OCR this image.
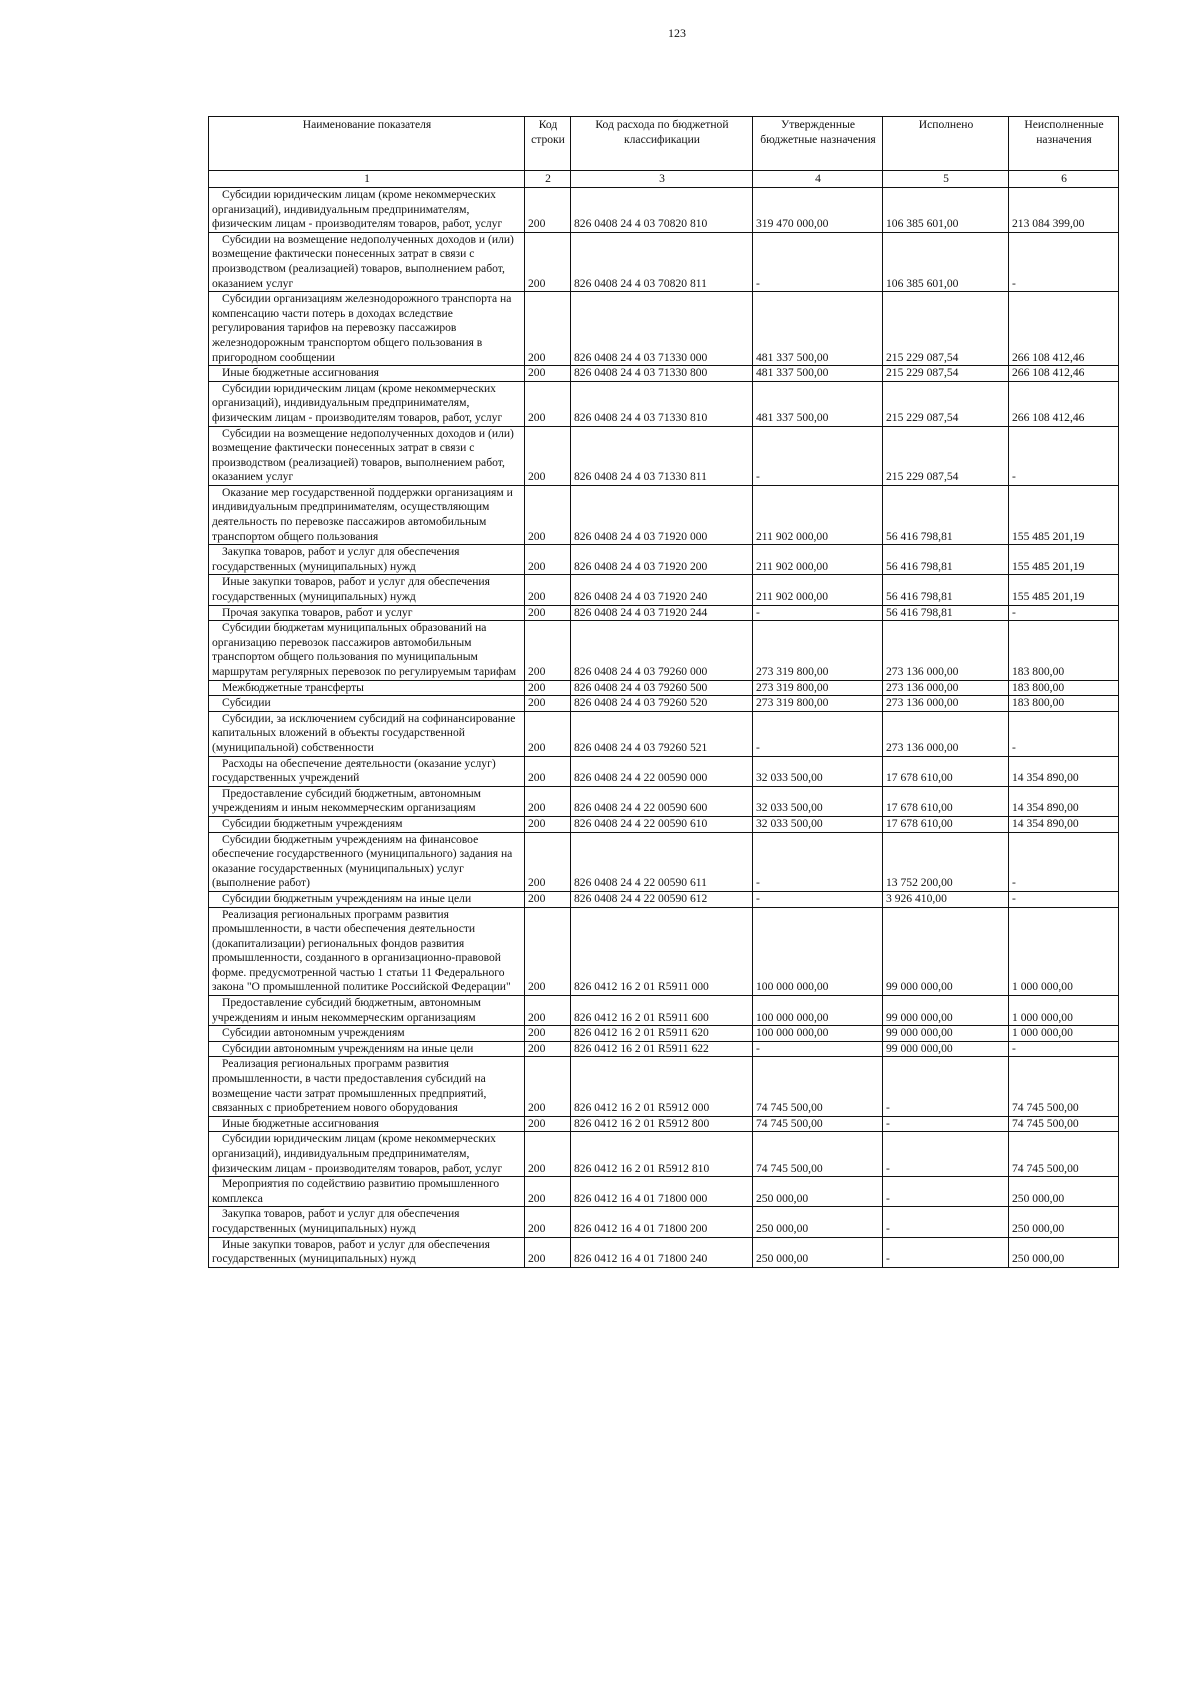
123
Наименование показателя	Код строки	Код расхода по бюджетной классификации	Утвержденные бюджетные назначения	Исполнено	Неисполненные назначения
1	2	3	4	5	6
Субсидии юридическим лицам (кроме некоммерческих организаций), индивидуальным предпринимателям, физическим лицам - производителям товаров, работ, услуг	200	826 0408 24 4 03 70820 810	319 470 000,00	106 385 601,00	213 084 399,00
Субсидии на возмещение недополученных доходов и (или) возмещение фактически понесенных затрат в связи с производством (реализацией) товаров, выполнением работ, оказанием услуг	200	826 0408 24 4 03 70820 811	-	106 385 601,00	-
Субсидии организациям железнодорожного транспорта на компенсацию части потерь в доходах вследствие регулирования тарифов на перевозку пассажиров железнодорожным транспортом общего пользования в пригородном сообщении	200	826 0408 24 4 03 71330 000	481 337 500,00	215 229 087,54	266 108 412,46
Иные бюджетные ассигнования	200	826 0408 24 4 03 71330 800	481 337 500,00	215 229 087,54	266 108 412,46
Субсидии юридическим лицам (кроме некоммерческих организаций), индивидуальным предпринимателям, физическим лицам - производителям товаров, работ, услуг	200	826 0408 24 4 03 71330 810	481 337 500,00	215 229 087,54	266 108 412,46
Субсидии на возмещение недополученных доходов и (или) возмещение фактически понесенных затрат в связи с производством (реализацией) товаров, выполнением работ, оказанием услуг	200	826 0408 24 4 03 71330 811	-	215 229 087,54	-
Оказание мер государственной поддержки организациям и индивидуальным предпринимателям, осуществляющим деятельность по перевозке пассажиров автомобильным транспортом общего пользования	200	826 0408 24 4 03 71920 000	211 902 000,00	56 416 798,81	155 485 201,19
Закупка товаров, работ и услуг для обеспечения государственных (муниципальных) нужд	200	826 0408 24 4 03 71920 200	211 902 000,00	56 416 798,81	155 485 201,19
Иные закупки товаров, работ и услуг для обеспечения государственных (муниципальных) нужд	200	826 0408 24 4 03 71920 240	211 902 000,00	56 416 798,81	155 485 201,19
Прочая закупка товаров, работ и услуг	200	826 0408 24 4 03 71920 244	-	56 416 798,81	-
Субсидии бюджетам муниципальных образований на организацию перевозок пассажиров автомобильным транспортом общего пользования по муниципальным маршрутам регулярных перевозок по регулируемым тарифам	200	826 0408 24 4 03 79260 000	273 319 800,00	273 136 000,00	183 800,00
Межбюджетные трансферты	200	826 0408 24 4 03 79260 500	273 319 800,00	273 136 000,00	183 800,00
Субсидии	200	826 0408 24 4 03 79260 520	273 319 800,00	273 136 000,00	183 800,00
Субсидии, за исключением субсидий на софинансирование капитальных вложений в объекты государственной (муниципальной) собственности	200	826 0408 24 4 03 79260 521	-	273 136 000,00	-
Расходы на обеспечение деятельности (оказание услуг) государственных учреждений	200	826 0408 24 4 22 00590 000	32 033 500,00	17 678 610,00	14 354 890,00
Предоставление субсидий бюджетным, автономным учреждениям и иным некоммерческим организациям	200	826 0408 24 4 22 00590 600	32 033 500,00	17 678 610,00	14 354 890,00
Субсидии бюджетным учреждениям	200	826 0408 24 4 22 00590 610	32 033 500,00	17 678 610,00	14 354 890,00
Субсидии бюджетным учреждениям на финансовое обеспечение государственного (муниципального) задания на оказание государственных (муниципальных) услуг (выполнение работ)	200	826 0408 24 4 22 00590 611	-	13 752 200,00	-
Субсидии бюджетным учреждениям на иные цели	200	826 0408 24 4 22 00590 612	-	3 926 410,00	-
Реализация региональных программ развития промышленности, в части обеспечения деятельности (докапитализации) региональных фондов развития промышленности, созданного в организационно-правовой форме. предусмотренной частью 1 статьи 11 Федерального закона "О промышленной политике Российской Федерации"	200	826 0412 16 2 01 R5911 000	100 000 000,00	99 000 000,00	1 000 000,00
Предоставление субсидий бюджетным, автономным учреждениям и иным некоммерческим организациям	200	826 0412 16 2 01 R5911 600	100 000 000,00	99 000 000,00	1 000 000,00
Субсидии автономным учреждениям	200	826 0412 16 2 01 R5911 620	100 000 000,00	99 000 000,00	1 000 000,00
Субсидии автономным учреждениям на иные цели	200	826 0412 16 2 01 R5911 622	-	99 000 000,00	-
Реализация региональных программ развития промышленности, в части предоставления субсидий на возмещение части затрат промышленных предприятий, связанных с приобретением нового оборудования	200	826 0412 16 2 01 R5912 000	74 745 500,00	-	74 745 500,00
Иные бюджетные ассигнования	200	826 0412 16 2 01 R5912 800	74 745 500,00	-	74 745 500,00
Субсидии юридическим лицам (кроме некоммерческих организаций), индивидуальным предпринимателям, физическим лицам - производителям товаров, работ, услуг	200	826 0412 16 2 01 R5912 810	74 745 500,00	-	74 745 500,00
Мероприятия по содействию развитию промышленного комплекса	200	826 0412 16 4 01 71800 000	250 000,00	-	250 000,00
Закупка товаров, работ и услуг для обеспечения государственных (муниципальных) нужд	200	826 0412 16 4 01 71800 200	250 000,00	-	250 000,00
Иные закупки товаров, работ и услуг для обеспечения государственных (муниципальных) нужд	200	826 0412 16 4 01 71800 240	250 000,00	-	250 000,00
